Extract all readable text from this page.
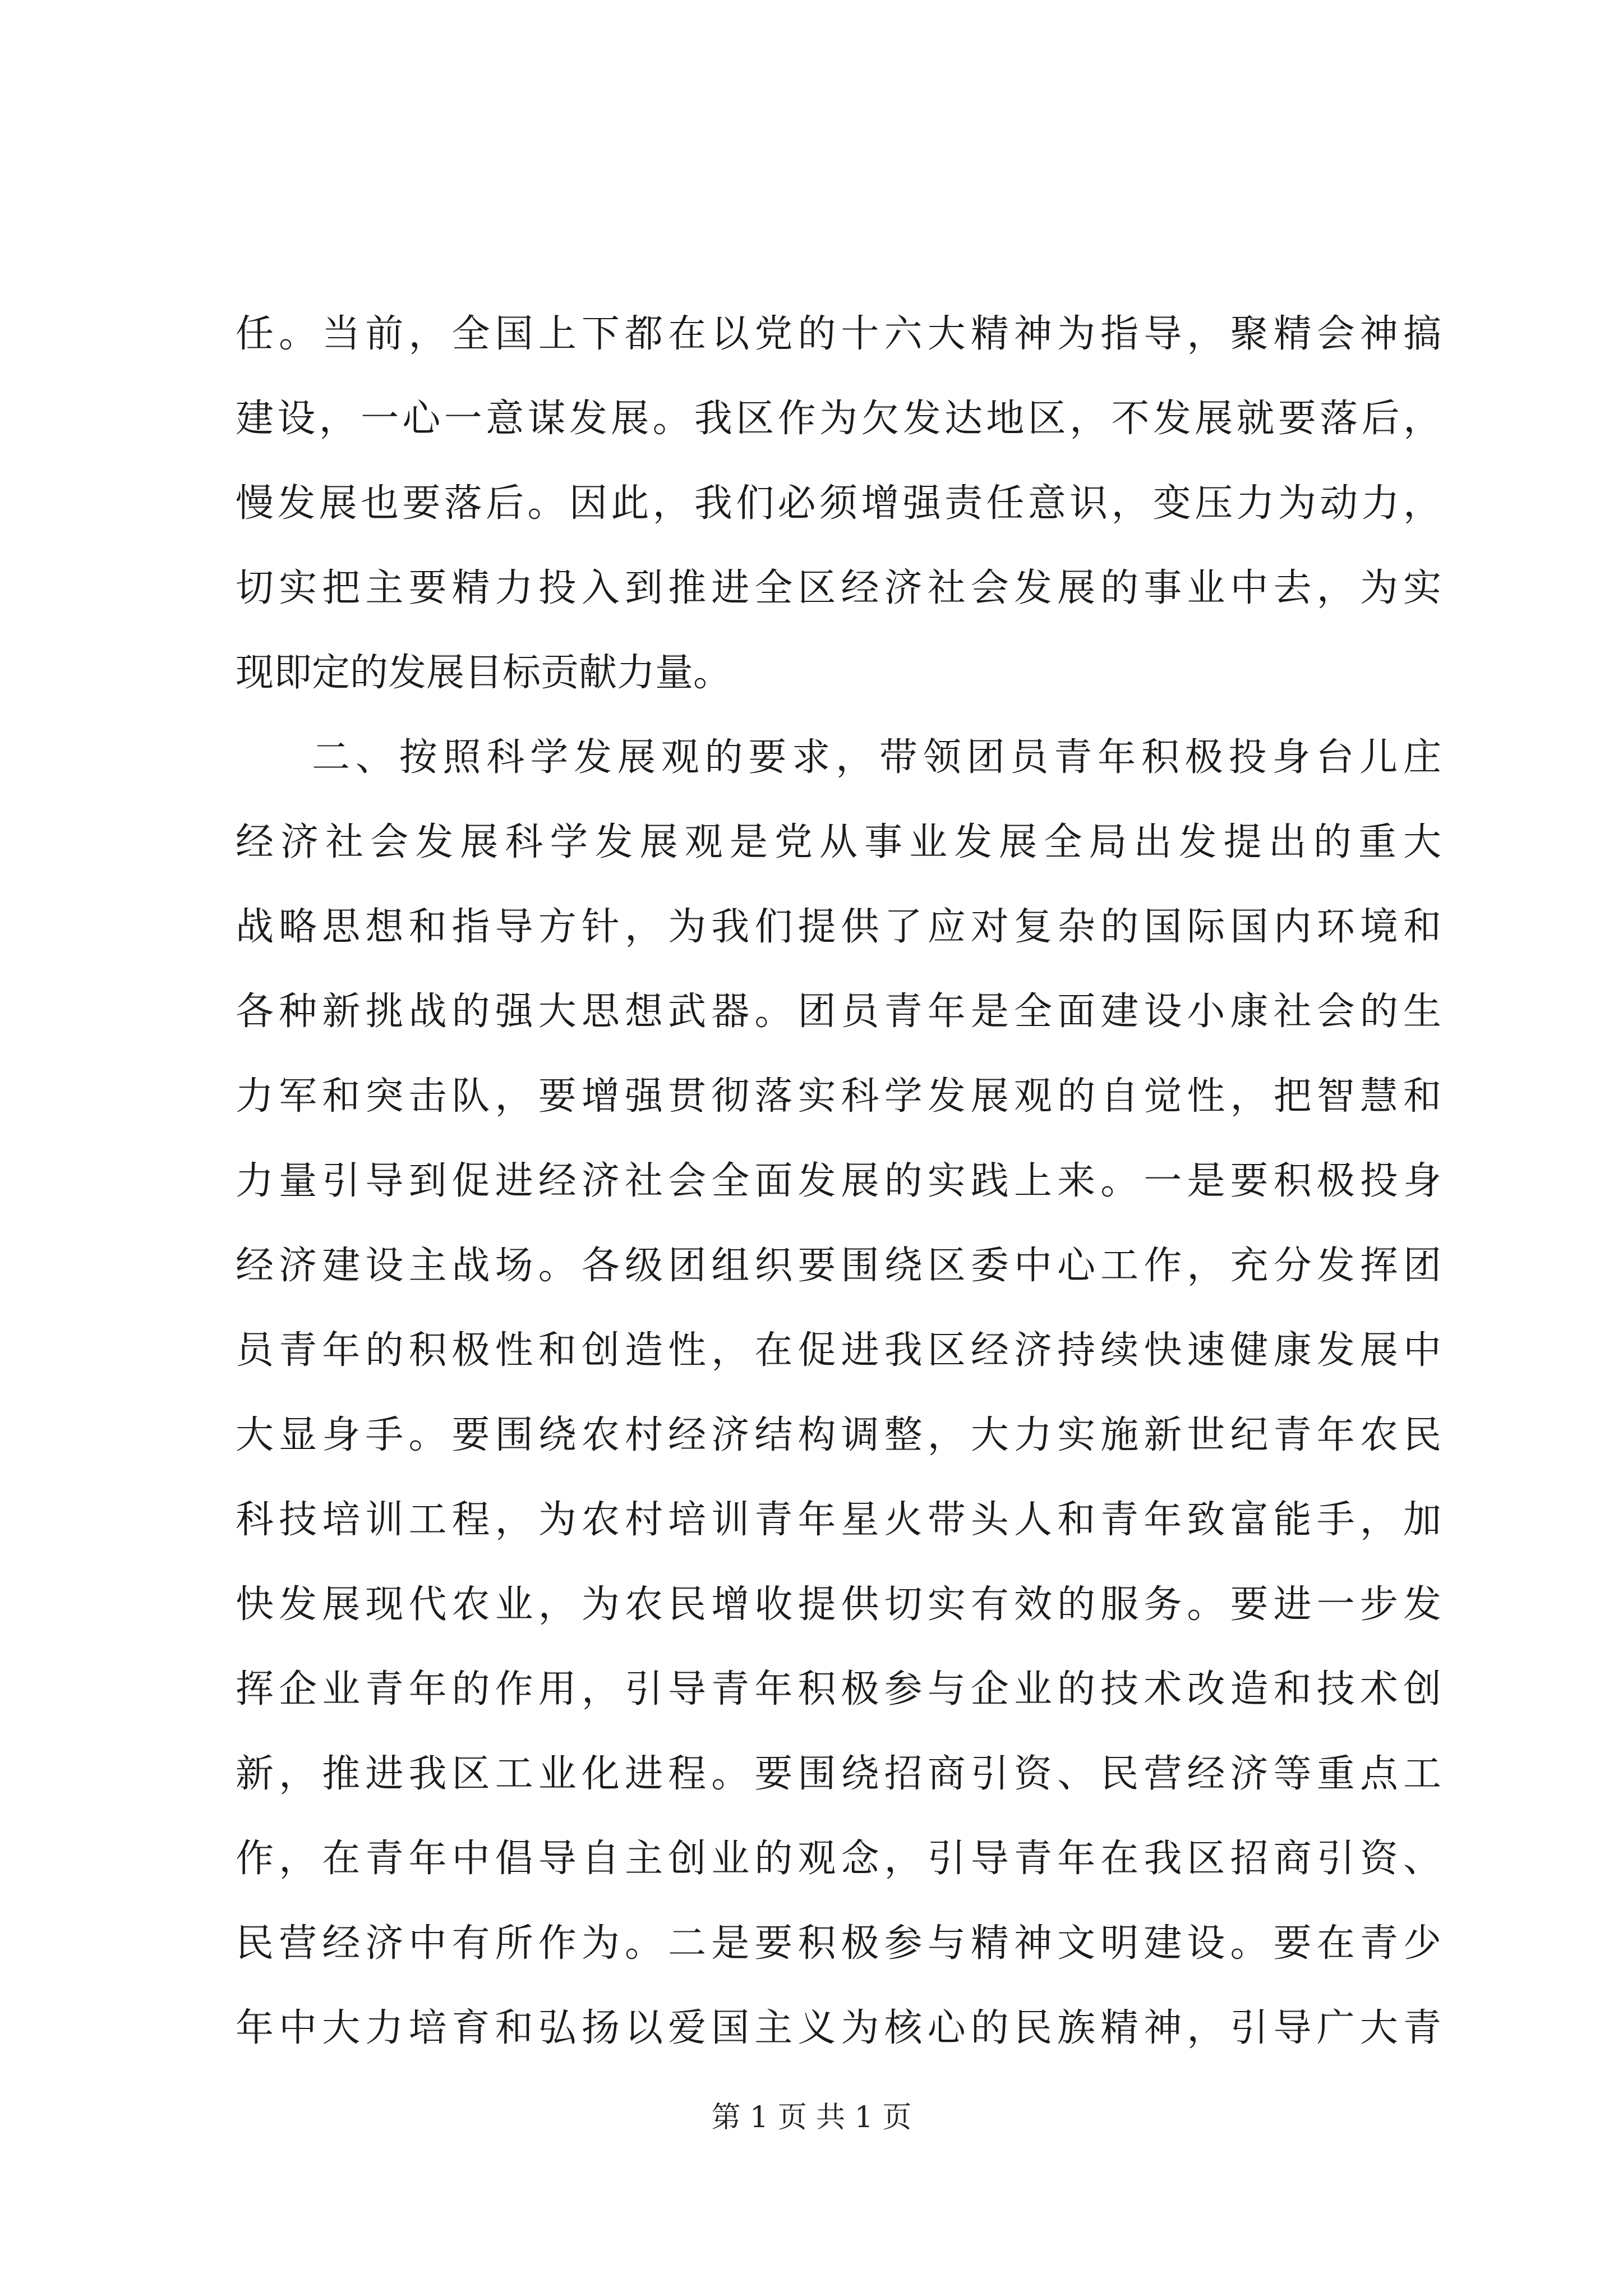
任。当前，全国上下都在以党的十六大精神为指导，聚精会神搞
建设，一心一意谋发展。我区作为欠发达地区，不发展就要落后，
慢发展也要落后。因此，我们必须增强责任意识，变压力为动力，
切实把主要精力投入到推进全区经济社会发展的事业中去，为实
现即定的发展目标贡献力量。
二、按照科学发展观的要求，带领团员青年积极投身台儿庄
经济社会发展科学发展观是党从事业发展全局出发提出的重大
战略思想和指导方针，为我们提供了应对复杂的国际国内环境和
各种新挑战的强大思想武器。团员青年是全面建设小康社会的生
力军和突击队，要增强贯彻落实科学发展观的自觉性，把智慧和
力量引导到促进经济社会全面发展的实践上来。一是要积极投身
经济建设主战场。各级团组织要围绕区委中心工作，充分发挥团
员青年的积极性和创造性，在促进我区经济持续快速健康发展中
大显身手。要围绕农村经济结构调整，大力实施新世纪青年农民
科技培训工程，为农村培训青年星火带头人和青年致富能手，加
快发展现代农业，为农民增收提供切实有效的服务。要进一步发
挥企业青年的作用，引导青年积极参与企业的技术改造和技术创
新，推进我区工业化进程。要围绕招商引资、民营经济等重点工
作，在青年中倡导自主创业的观念，引导青年在我区招商引资、
民营经济中有所作为。二是要积极参与精神文明建设。要在青少
年中大力培育和弘扬以爱国主义为核心的民族精神，引导广大青
第 1 页 共 1 页
